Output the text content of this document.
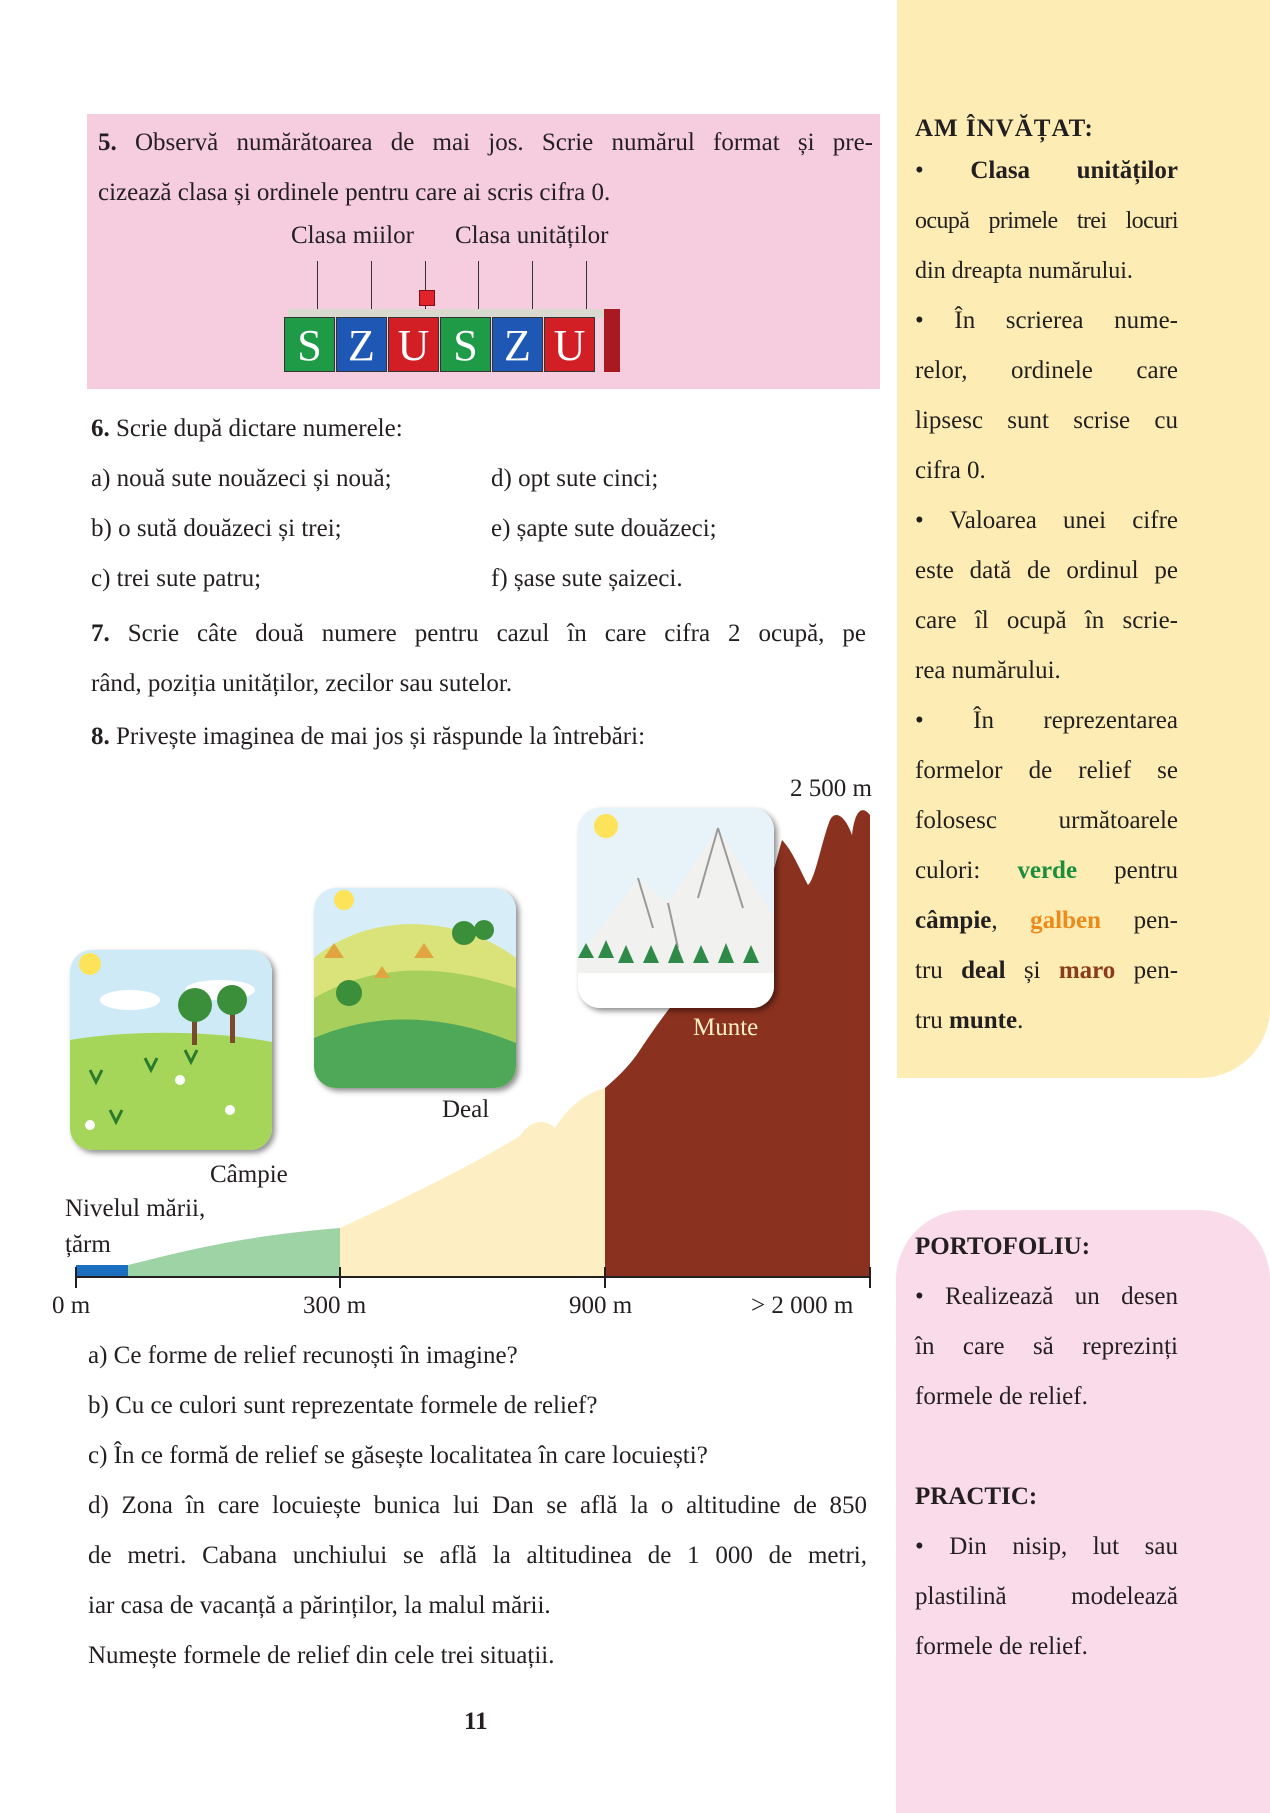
AM ÎNVĂȚAT:
• Clasa unităților
ocupă primele trei locuri
din dreapta numărului.
• În scrierea nume-
relor, ordinele care
lipsesc sunt scrise cu
cifra 0.
• Valoarea unei cifre
este dată de ordinul pe
care îl ocupă în scrie-
rea numărului.
• În reprezentarea
formelor de relief se
folosesc următoarele
culori: verde pentru
câmpie, galben pen-
tru deal și maro pen-
tru munte.
PORTOFOLIU:
• Realizează un desen
în care să reprezinți
formele de relief.
PRACTIC:
• Din nisip, lut sau
plastilină modelează
formele de relief.
5. Observă numărătoarea de mai jos. Scrie numărul format și pre-
cizează clasa și ordinele pentru care ai scris cifra 0.
Clasa miilor Clasa unităților
S Z U S Z U
6. Scrie după dictare numerele:
a) nouă sute nouăzeci și nouă;
b) o sută douăzeci și trei;
c) trei sute patru;
d) opt sute cinci;
e) șapte sute douăzeci;
f) șase sute șaizeci.
7. Scrie câte două numere pentru cazul în care cifra 2 ocupă, pe
rând, poziția unităților, zecilor sau sutelor.
8. Privește imaginea de mai jos și răspunde la întrebări:
Nivelul mării,
țărm
Câmpie
Deal
Munte
2 500 m
0 m	300 m	900 m	> 2 000 m
a) Ce forme de relief recunoști în imagine?
b) Cu ce culori sunt reprezentate formele de relief?
c) În ce formă de relief se găsește localitatea în care locuiești?
d) Zona în care locuiește bunica lui Dan se află la o altitudine de 850
de metri. Cabana unchiului se află la altitudinea de 1 000 de metri,
iar casa de vacanță a părinților, la malul mării.
Numește formele de relief din cele trei situații.
11
